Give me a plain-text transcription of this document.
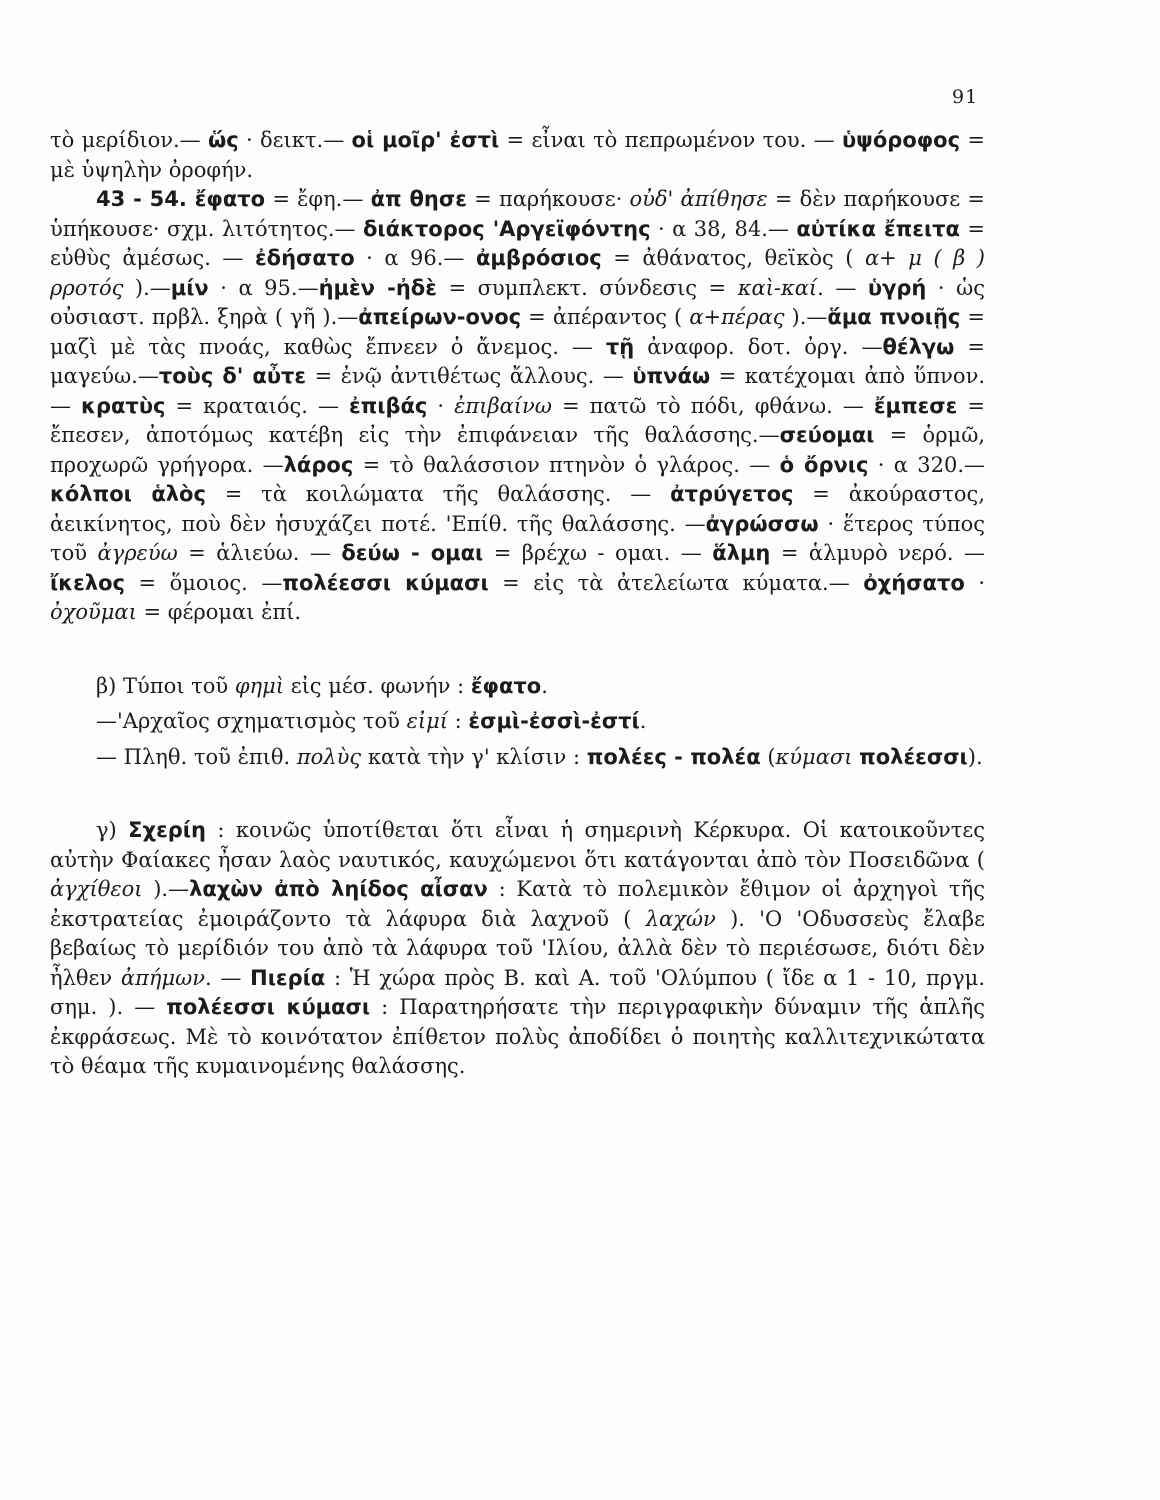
91

τὸ μερίδιον.— ὥς · δεικτ.— οἱ μοῖρ' ἐστὶ = εἶναι τὸ πεπρωμένον του. — ὑψόροφος = μὲ ὑψηλὴν ὀροφήν.

43 - 54. ἔφατο = ἔφη.— ἀπ θησε = παρήκουσε· οὐδ' ἀπίθησε = δὲν παρήκουσε = ὑπήκουσε· σχμ. λιτότητος.— διάκτορος 'Αργεϊφόντης · α 38, 84.— αὐτίκα ἔπειτα = εὐθὺς ἀμέσως. — ἐδήσατο · α 96.— ἀμβρόσιος = ἀθάνατος, θεϊκὸς ( α+ μ ( β ) ρροτός ).—μίν · α 95.—ἠμὲν -ἠδὲ = συμπλεκτ. σύνδεσις = καὶ-καί. — ὑγρή · ὡς οὐσιαστ. πρβλ. ξηρὰ ( γῆ ).—ἀπείρων-ονος = ἀπέραντος ( α+πέρας ).—ἅμα πνοιῇς = μαζὶ μὲ τὰς πνοάς, καθὼς ἔπνεεν ὁ ἄνεμος. — τῇ ἀναφορ. δοτ. ὀργ. —θέλγω = μαγεύω.—τοὺς δ' αὖτε = ἐνῷ ἀντιθέτως ἄλλους. — ὑπνάω = κατέχομαι ἀπὸ ὕπνον. — κρατὺς = κραταιός. — ἐπιβάς · ἐπιβαίνω = πατῶ τὸ πόδι, φθάνω. — ἔμπεσε = ἔπεσεν, ἀποτόμως κατέβη εἰς τὴν ἐπιφάνειαν τῆς θαλάσσης.—σεύομαι = ὁρμῶ, προχωρῶ γρήγορα. —λάρος = τὸ θαλάσσιον πτηνὸν ὁ γλάρος. — ὁ ὄρνις · α 320.—κόλποι ἁλὸς = τὰ κοιλώματα τῆς θαλάσσης. — ἀτρύγετος = ἀκούραστος, ἀεικίνητος, ποὺ δὲν ἡσυχάζει ποτέ. 'Επίθ. τῆς θαλάσσης. —ἀγρώσσω · ἕτερος τύπος τοῦ ἀγρεύω = ἁλιεύω. — δεύω - ομαι = βρέχω - ομαι. — ἅλμη = ἁλμυρὸ νερό. —ἴκελος = ὅμοιος. —πολέεσσι κύμασι = εἰς τὰ ἀτελείωτα κύματα.— ὀχήσατο · ὀχοῦμαι = φέρομαι ἐπί.

β) Τύποι τοῦ φημὶ εἰς μέσ. φωνήν : ἔφατο.

—'Αρχαῖος σχηματισμὸς τοῦ εἰμί : ἐσμὶ-ἐσσὶ-ἐστί.

— Πληθ. τοῦ ἐπιθ. πολὺς κατὰ τὴν γ' κλίσιν : πολέες - πολέα (κύμασι πολέεσσι).

γ) Σχερίη : κοινῶς ὑποτίθεται ὅτι εἶναι ἡ σημερινὴ Κέρκυρα. Οἱ κατοικοῦντες αὐτὴν Φαίακες ἦσαν λαὸς ναυτικός, καυχώμενοι ὅτι κατάγονται ἀπὸ τὸν Ποσειδῶνα ( ἀγχίθεοι ).—λαχὼν ἀπὸ ληίδος αἶσαν : Κατὰ τὸ πολεμικὸν ἔθιμον οἱ ἀρχηγοὶ τῆς ἐκστρατείας ἐμοιράζοντο τὰ λάφυρα διὰ λαχνοῦ ( λαχών ). 'Ο 'Οδυσσεὺς ἔλαβε βεβαίως τὸ μερίδιόν του ἀπὸ τὰ λάφυρα τοῦ 'Ιλίου, ἀλλὰ δὲν τὸ περιέσωσε, διότι δὲν ἦλθεν ἀπήμων. — Πιερία : Ἡ χώρα πρὸς Β. καὶ Α. τοῦ 'Ολύμπου ( ἴδε α 1 - 10, πργμ. σημ. ). — πολέεσσι κύμασι : Παρατηρήσατε τὴν περιγραφικὴν δύναμιν τῆς ἁπλῆς ἐκφράσεως. Μὲ τὸ κοινότατον ἐπίθετον πολὺς ἀποδίδει ὁ ποιητὴς καλλιτεχνικώτατα τὸ θέαμα τῆς κυμαινομένης θαλάσσης.
